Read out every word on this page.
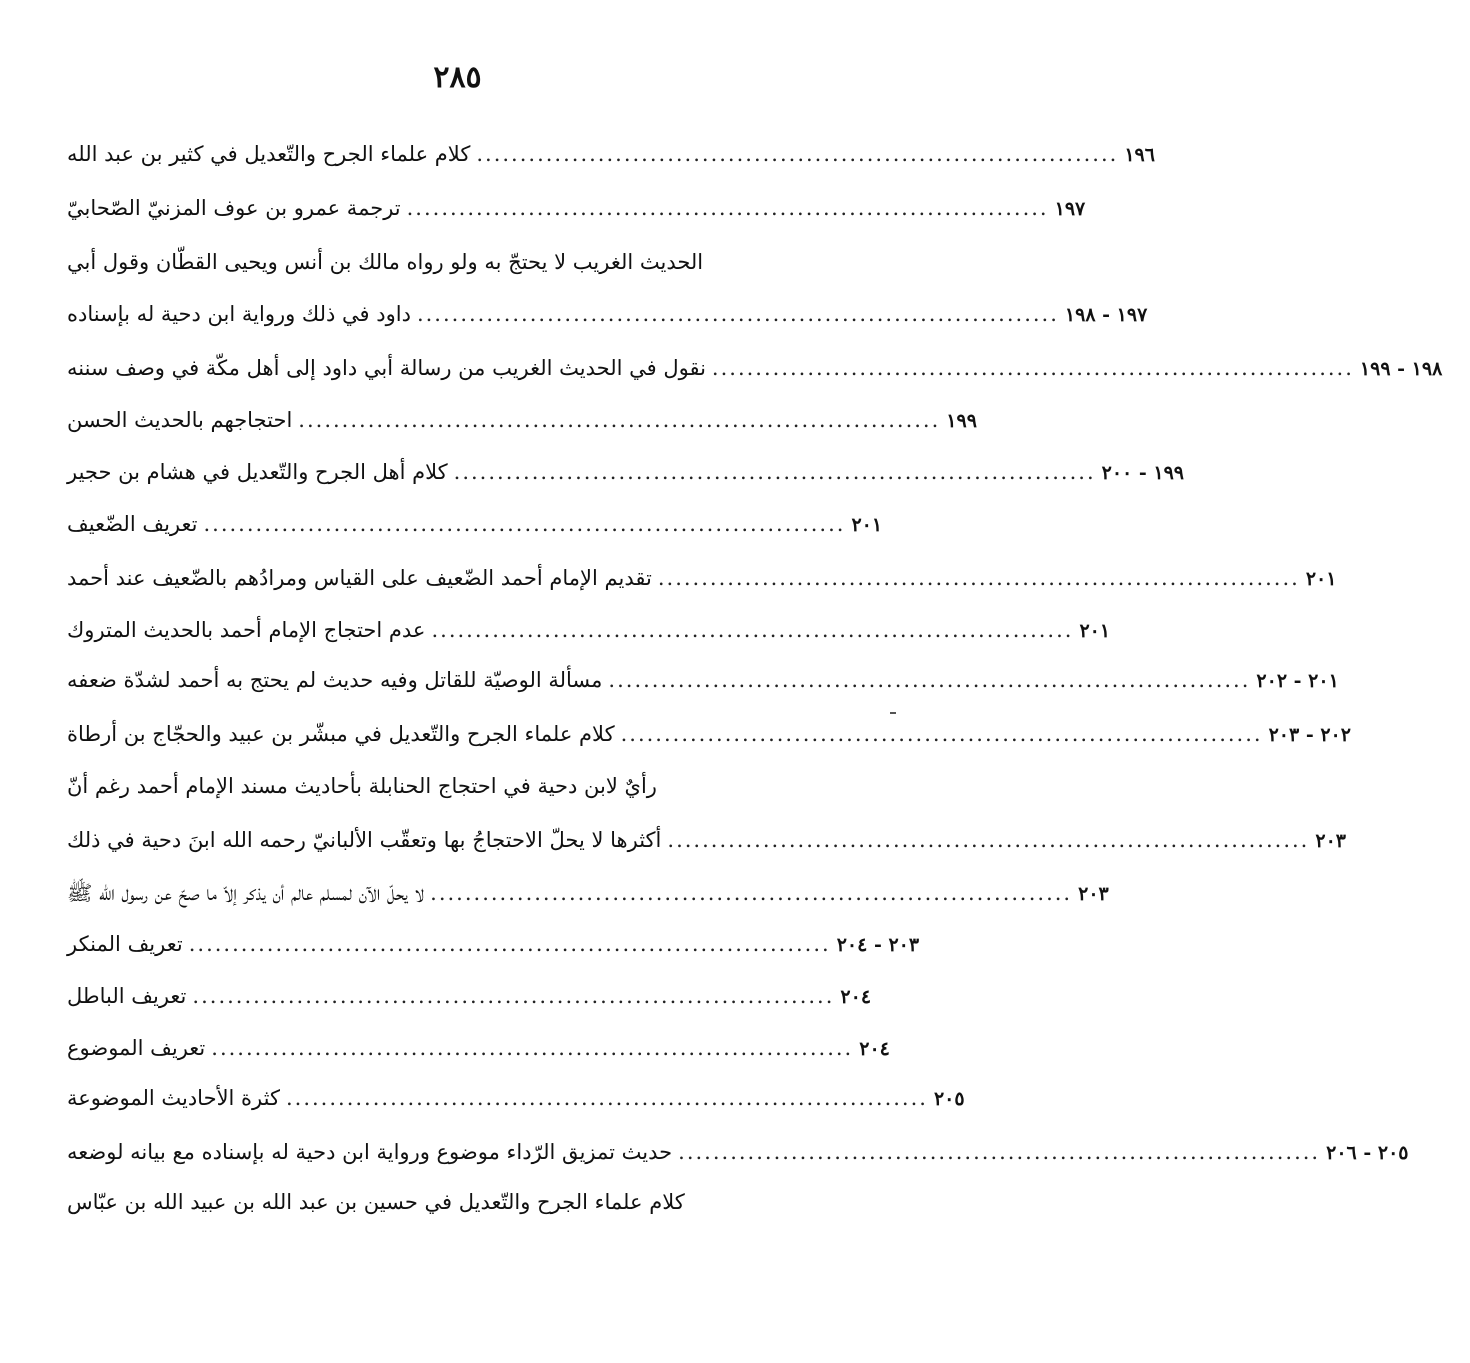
٢٨٥
كلام علماء الجرح والتّعديل في كثير بن عبد الله .......................................................................... ١٩٦
ترجمة عمرو بن عوف المزنيّ الصّحابيّ .......................................................................... ١٩٧
الحديث الغريب لا يحتجّ به ولو رواه مالك بن أنس ويحيى القطّان وقول أبي
داود في ذلك ورواية ابن دحية له بإسناده .......................................................................... ١٩٧ - ١٩٨
نقول في الحديث الغريب من رسالة أبي داود إلى أهل مكّة في وصف سننه .......................................................................... ١٩٨ - ١٩٩
احتجاجهم بالحديث الحسن .......................................................................... ١٩٩
كلام أهل الجرح والتّعديل في هشام بن حجير .......................................................................... ١٩٩ - ٢٠٠
تعريف الضّعيف .......................................................................... ٢٠١
تقديم الإمام أحمد الضّعيف على القياس ومرادُهم بالضّعيف عند أحمد .......................................................................... ٢٠١
عدم احتجاج الإمام أحمد بالحديث المتروك .......................................................................... ٢٠١
مسألة الوصيّة للقاتل وفيه حديث لم يحتج به أحمد لشدّة ضعفه .......................................................................... ٢٠١ - ٢٠٢
كلام علماء الجرح والتّعديل في مبشّر بن عبيد والحجّاج بن أرطاة .......................................................................... ٢٠٢ - ٢٠٣
رأيٌ لابن دحية في احتجاج الحنابلة بأحاديث مسند الإمام أحمد رغم أنّ
أكثرها لا يحلّ الاحتجاجُ بها وتعقّب الألبانيّ رحمه الله ابنَ دحية في ذلك .......................................................................... ٢٠٣
لا يحلّ الآن لمسلم عالم أن يذكر إلاّ ما صحّ عن رسول الله ﷺ .......................................................................... ٢٠٣
تعريف المنكر .......................................................................... ٢٠٣ - ٢٠٤
تعريف الباطل .......................................................................... ٢٠٤
تعريف الموضوع .......................................................................... ٢٠٤
كثرة الأحاديث الموضوعة .......................................................................... ٢٠٥
حديث تمزيق الرّداء موضوع ورواية ابن دحية له بإسناده مع بيانه لوضعه .......................................................................... ٢٠٥ - ٢٠٦
كلام علماء الجرح والتّعديل في حسين بن عبد الله بن عبيد الله بن عبّاس
